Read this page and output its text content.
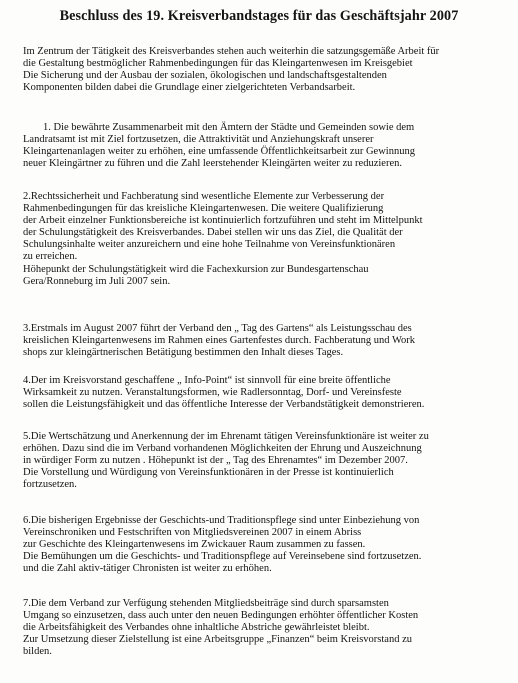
Beschluss des 19. Kreisverbandstages für das Geschäftsjahr 2007
Im Zentrum der Tätigkeit des Kreisverbandes stehen auch weiterhin die satzungsgemäße Arbeit für
die Gestaltung bestmöglicher Rahmenbedingungen für das Kleingartenwesen im Kreisgebiet
Die Sicherung und der Ausbau der sozialen, ökologischen und landschaftsgestaltenden
Komponenten bilden dabei die Grundlage einer zielgerichteten Verbandsarbeit.
1. Die bewährte Zusammenarbeit mit den Ämtern der Städte und Gemeinden sowie dem
Landratsamt ist mit Ziel fortzusetzen, die Attraktivität und Anziehungskraft unserer
Kleingartenanlagen weiter zu erhöhen, eine umfassende Öffentlichkeitsarbeit zur Gewinnung
neuer Kleingärtner zu führen und die Zahl leerstehender Kleingärten weiter zu reduzieren.
2.Rechtssicherheit und Fachberatung sind wesentliche Elemente zur Verbesserung der
Rahmenbedingungen für das kreisliche Kleingartenwesen. Die weitere Qualifizierung
der Arbeit einzelner Funktionsbereiche ist kontinuierlich fortzuführen und steht im Mittelpunkt
der Schulungstätigkeit des Kreisverbandes. Dabei stellen wir uns das Ziel, die Qualität der
Schulungsinhalte weiter anzureichern und eine hohe Teilnahme von Vereinsfunktionären
zu erreichen.
Höhepunkt der Schulungstätigkeit wird die Fachexkursion zur Bundesgartenschau
Gera/Ronneburg im Juli 2007 sein.
3.Erstmals im August 2007 führt der Verband den „ Tag des Gartens“ als Leistungsschau des
kreislichen Kleingartenwesens im Rahmen eines Gartenfestes durch. Fachberatung und Work
shops zur kleingärtnerischen Betätigung bestimmen den Inhalt dieses Tages.
4.Der im Kreisvorstand geschaffene „ Info-Point“ ist sinnvoll für eine breite öffentliche
Wirksamkeit zu nutzen. Veranstaltungsformen, wie Radlersonntag, Dorf- und Vereinsfeste
sollen die Leistungsfähigkeit und das öffentliche Interesse der Verbandstätigkeit demonstrieren.
5.Die Wertschätzung und Anerkennung der im Ehrenamt tätigen Vereinsfunktionäre ist weiter zu
erhöhen. Dazu sind die im Verband vorhandenen Möglichkeiten der Ehrung und Auszeichnung
in würdiger Form zu nutzen . Höhepunkt ist der „ Tag des Ehrenamtes“ im Dezember 2007.
Die Vorstellung und Würdigung von Vereinsfunktionären in der Presse ist kontinuierlich
fortzusetzen.
6.Die bisherigen Ergebnisse der Geschichts-und Traditionspflege sind unter Einbeziehung von
Vereinschroniken und Festschriften von Mitgliedsvereinen 2007 in einem Abriss
zur Geschichte des Kleingartenwesens im Zwickauer Raum zusammen zu fassen.
Die Bemühungen um die Geschichts- und Traditionspflege auf Vereinsebene sind fortzusetzen.
und die Zahl aktiv-tätiger Chronisten ist weiter zu erhöhen.
7.Die dem Verband zur Verfügung stehenden Mitgliedsbeiträge sind durch sparsamsten
Umgang so einzusetzen, dass auch unter den neuen Bedingungen erhöhter öffentlicher Kosten
die Arbeitsfähigkeit des Verbandes ohne inhaltliche Abstriche gewährleistet bleibt.
Zur Umsetzung dieser Zielstellung ist eine Arbeitsgruppe „Finanzen“ beim Kreisvorstand zu
bilden.
